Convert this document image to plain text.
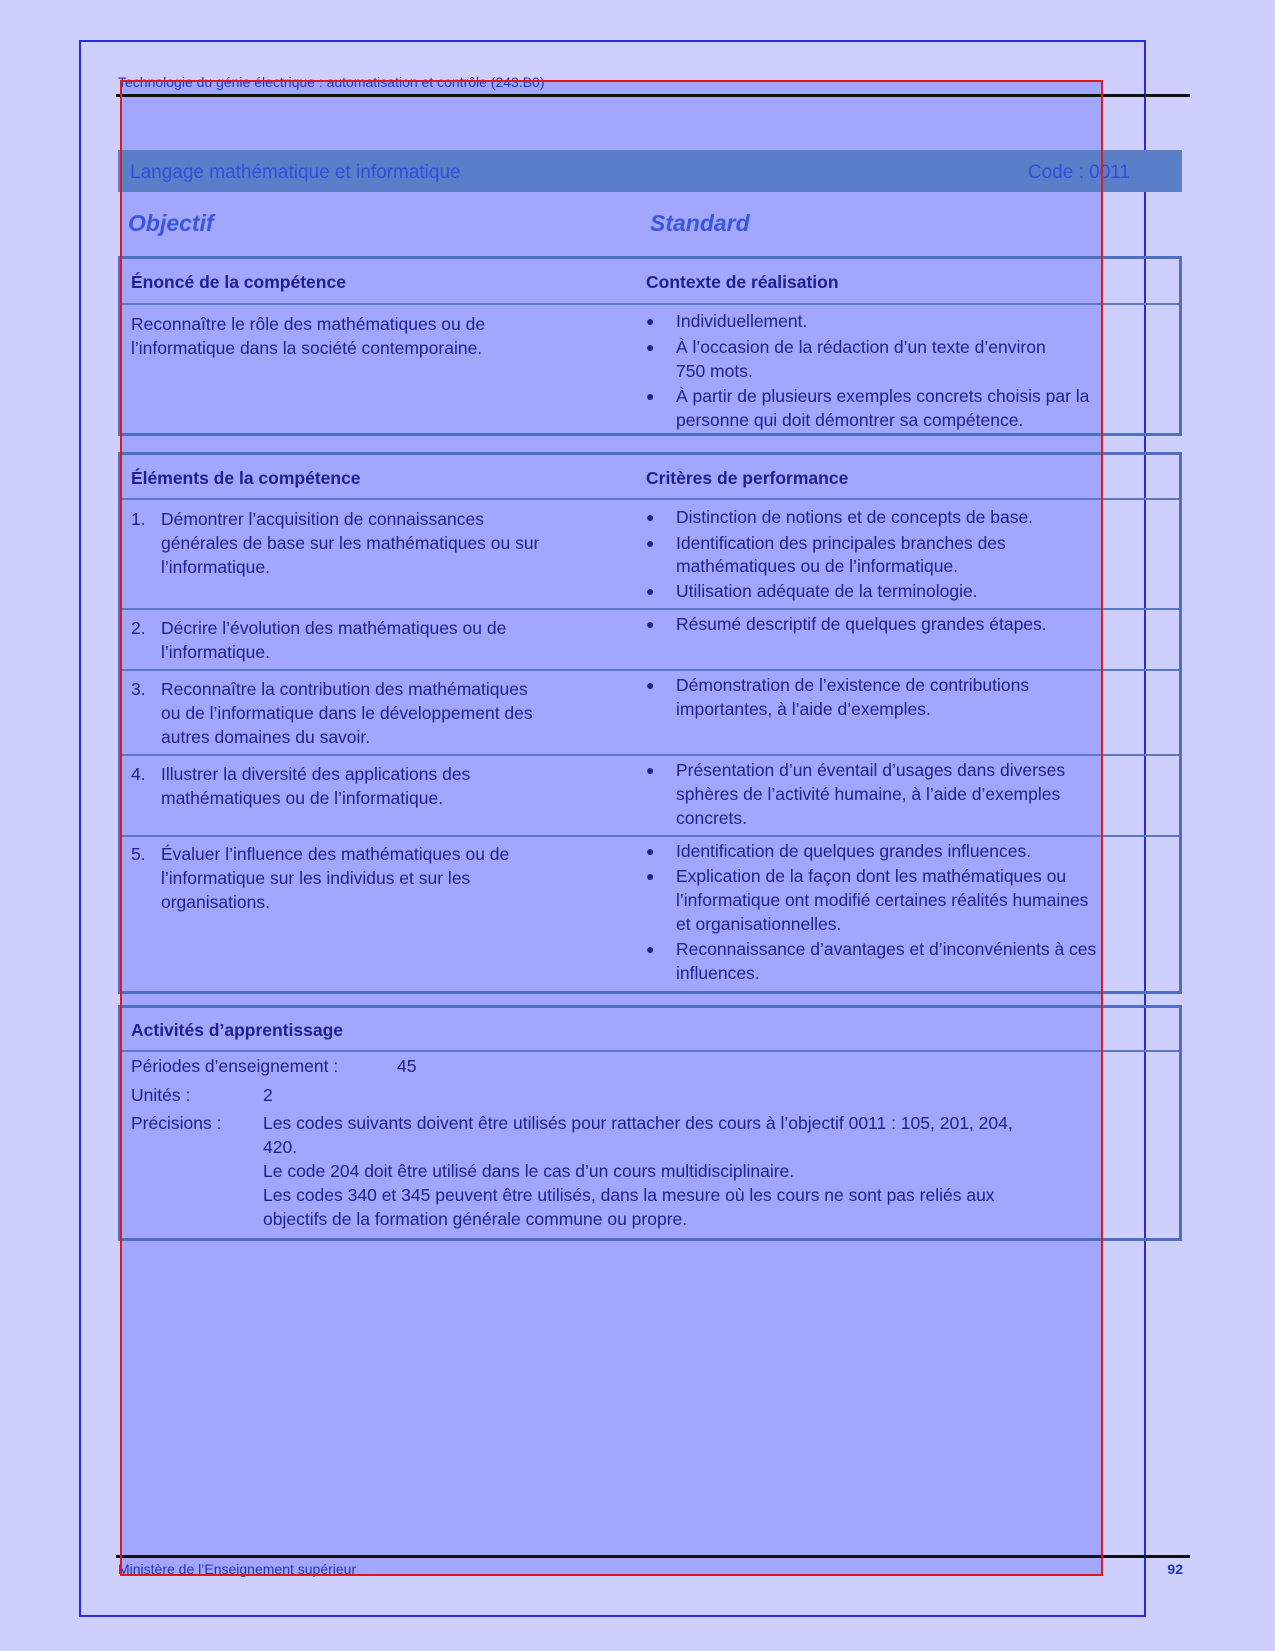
Technologie du génie électrique : automatisation et contrôle (243.B0)
Langage mathématique et informatique	Code : 0011
Objectif	Standard
Énoncé de la compétence	Contexte de réalisation
Reconnaître le rôle des mathématiques ou de
l’informatique dans la société contemporaine.
● Individuellement.
● À l’occasion de la rédaction d’un texte d’environ
750 mots.
● À partir de plusieurs exemples concrets choisis par la
personne qui doit démontrer sa compétence.
Éléments de la compétence	Critères de performance
1. Démontrer l’acquisition de connaissances
générales de base sur les mathématiques ou sur
l’informatique.
● Distinction de notions et de concepts de base.
● Identification des principales branches des
mathématiques ou de l’informatique.
● Utilisation adéquate de la terminologie.
2. Décrire l’évolution des mathématiques ou de
l’informatique.
● Résumé descriptif de quelques grandes étapes.
3. Reconnaître la contribution des mathématiques
ou de l’informatique dans le développement des
autres domaines du savoir.
● Démonstration de l’existence de contributions
importantes, à l’aide d’exemples.
4. Illustrer la diversité des applications des
mathématiques ou de l’informatique.
● Présentation d’un éventail d’usages dans diverses
sphères de l’activité humaine, à l’aide d’exemples
concrets.
5. Évaluer l’influence des mathématiques ou de
l’informatique sur les individus et sur les
organisations.
● Identification de quelques grandes influences.
● Explication de la façon dont les mathématiques ou
l’informatique ont modifié certaines réalités humaines
et organisationnelles.
● Reconnaissance d’avantages et d’inconvénients à ces
influences.
Activités d’apprentissage
Périodes d’enseignement :	45
Unités :	2
Précisions : Les codes suivants doivent être utilisés pour rattacher des cours à l’objectif 0011 : 105, 201, 204,
420.
Le code 204 doit être utilisé dans le cas d’un cours multidisciplinaire.
Les codes 340 et 345 peuvent être utilisés, dans la mesure où les cours ne sont pas reliés aux
objectifs de la formation générale commune ou propre.
Ministère de l’Enseignement supérieur	92
